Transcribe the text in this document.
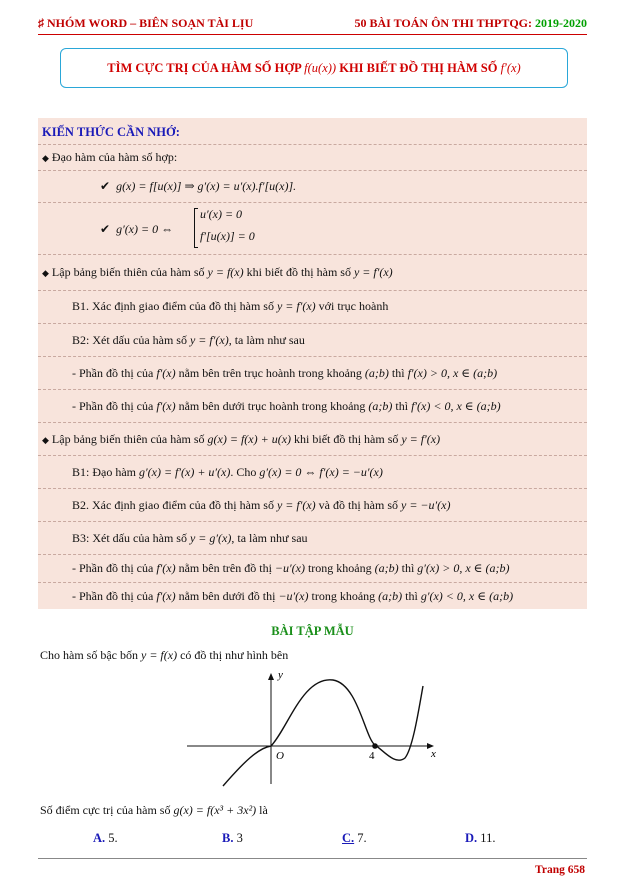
♯ NHÓM WORD – BIÊN SOẠN TÀI LỊU	50 BÀI TOÁN ÔN THI THPTQG: 2019-2020
TÌM CỰC TRỊ CỦA HÀM SỐ HỢP f(u(x)) KHI BIẾT ĐỒ THỊ HÀM SỐ f′(x)
KIẾN THỨC CẦN NHỚ:
◆ Đạo hàm của hàm số hợp:
✔ g(x) = f[u(x)] ⇒ g′(x) = u′(x).f′[u(x)].
✔ g′(x) = 0 ⇔
u′(x) = 0
f′[u(x)] = 0
◆ Lập bảng biến thiên của hàm số y = f(x) khi biết đồ thị hàm số y = f′(x)
B1. Xác định giao điểm của đồ thị hàm số y = f′(x) với trục hoành
B2: Xét dấu của hàm số y = f′(x), ta làm như sau
- Phần đồ thị của f′(x) nằm bên trên trục hoành trong khoảng (a;b) thì f′(x) > 0, x ∈ (a;b)
- Phần đồ thị của f′(x) nằm bên dưới trục hoành trong khoảng (a;b) thì f′(x) < 0, x ∈ (a;b)
◆ Lập bảng biến thiên của hàm số g(x) = f(x) + u(x) khi biết đồ thị hàm số y = f′(x)
B1: Đạo hàm g′(x) = f′(x) + u′(x). Cho g′(x) = 0 ⇔ f′(x) = −u′(x)
B2. Xác định giao điểm của đồ thị hàm số y = f′(x) và đồ thị hàm số y = −u′(x)
B3: Xét dấu của hàm số y = g′(x), ta làm như sau
- Phần đồ thị của f′(x) nằm bên trên đồ thị −u′(x) trong khoảng (a;b) thì g′(x) > 0, x ∈ (a;b)
- Phần đồ thị của f′(x) nằm bên dưới đồ thị −u′(x) trong khoảng (a;b) thì g′(x) < 0, x ∈ (a;b)
BÀI TẬP MẪU
Cho hàm số bậc bốn y = f(x) có đồ thị như hình bên
y
x
O	4
Số điểm cực trị của hàm số g(x) = f(x³ + 3x²) là
A. 5.	B. 3	C. 7.	D. 11.
Trang 658
